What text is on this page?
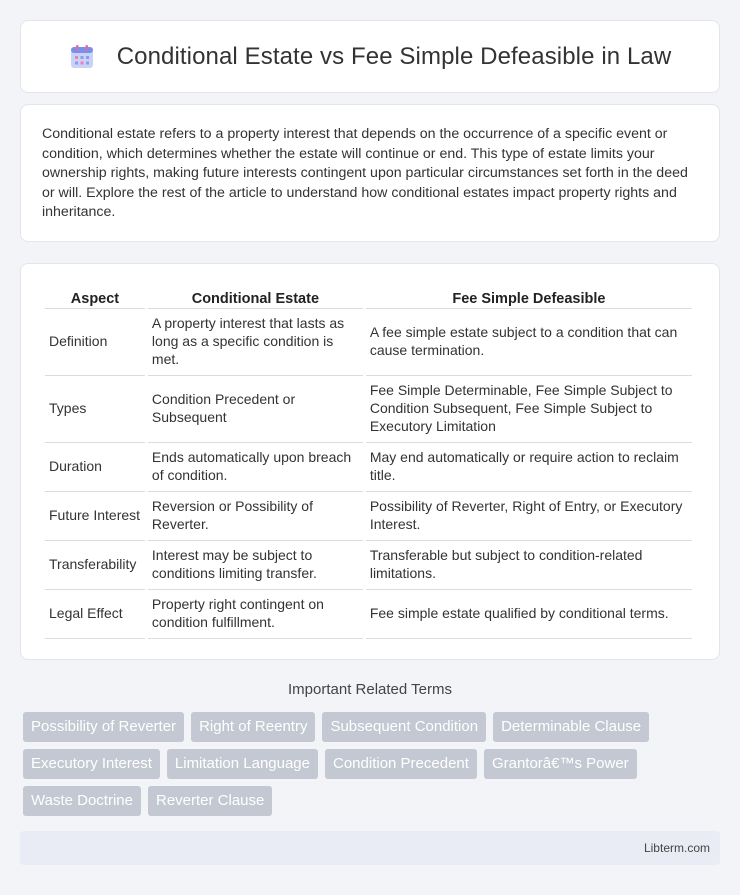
Conditional Estate vs Fee Simple Defeasible in Law

Conditional estate refers to a property interest that depends on the occurrence of a specific event or condition, which determines whether the estate will continue or end. This type of estate limits your ownership rights, making future interests contingent upon particular circumstances set forth in the deed or will. Explore the rest of the article to understand how conditional estates impact property rights and inheritance.

Aspect	Conditional Estate	Fee Simple Defeasible
Definition	A property interest that lasts as long as a specific condition is met.	A fee simple estate subject to a condition that can cause termination.
Types	Condition Precedent or Subsequent	Fee Simple Determinable, Fee Simple Subject to Condition Subsequent, Fee Simple Subject to Executory Limitation
Duration	Ends automatically upon breach of condition.	May end automatically or require action to reclaim title.
Future Interest	Reversion or Possibility of Reverter.	Possibility of Reverter, Right of Entry, or Executory Interest.
Transferability	Interest may be subject to conditions limiting transfer.	Transferable but subject to condition-related limitations.
Legal Effect	Property right contingent on condition fulfillment.	Fee simple estate qualified by conditional terms.
Important Related Terms
Possibility of Reverter	Right of Reentry	Subsequent Condition	Determinable Clause
Executory Interest	Limitation Language	Condition Precedent	Grantorâ€™s Power
Waste Doctrine	Reverter Clause
Libterm.com
